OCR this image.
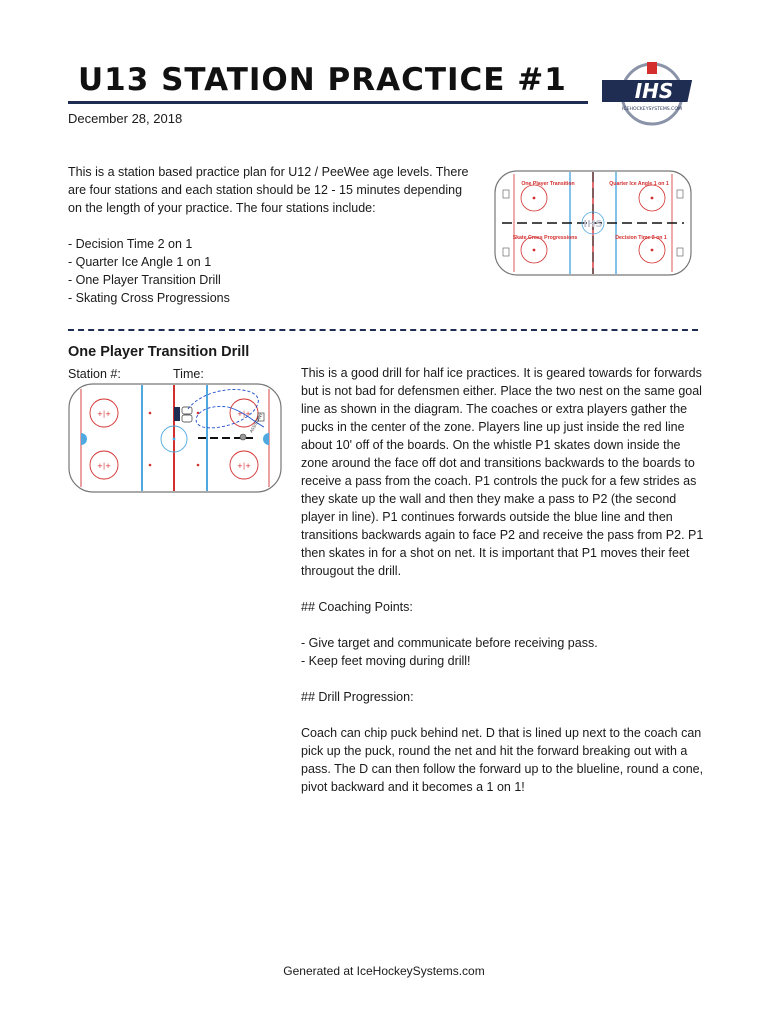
U13 STATION PRACTICE #1	IHS
ICEHOCKEYSYSTEMS.COM
December 28, 2018

This is a station based practice plan for U12 / PeeWee age levels. There are four stations and each station should be 12 - 15 minutes depending on the length of your practice. The four stations include:

- Decision Time 2 on 1
- Quarter Ice Angle 1 on 1
- One Player Transition Drill
- Skating Cross Progressions
IHS
One Player Transition	Quarter Ice Angle 1 on 1
Skate Cross Progressions	Decision Time 2 on 1
One Player Transition Drill
Station #:	Time:
+|+
+|+
+|+
+|+
ASSISTANT

This is a good drill for half ice practices. It is geared towards for forwards but is not bad for defensmen either. Place the two nest on the same goal line as shown in the diagram. The coaches or extra players gather the pucks in the center of the zone. Players line up just inside the red line about 10' off of the boards. On the whistle P1 skates down inside the zone around the face off dot and transitions backwards to the boards to receive a pass from the coach. P1 controls the puck for a few strides as they skate up the wall and then they make a pass to P2 (the second player in line). P1 continues forwards outside the blue line and then transitions backwards again to face P2 and receive the pass from P2. P1 then skates in for a shot on net. It is important that P1 moves their feet througout the drill.

## Coaching Points:

- Give target and communicate before receiving pass.
- Keep feet moving during drill!

## Drill Progression:

Coach can chip puck behind net. D that is lined up next to the coach can pick up the puck, round the net and hit the forward breaking out with a pass. The D can then follow the forward up to the blueline, round a cone, pivot backward and it becomes a 1 on 1!

Generated at IceHockeySystems.com
